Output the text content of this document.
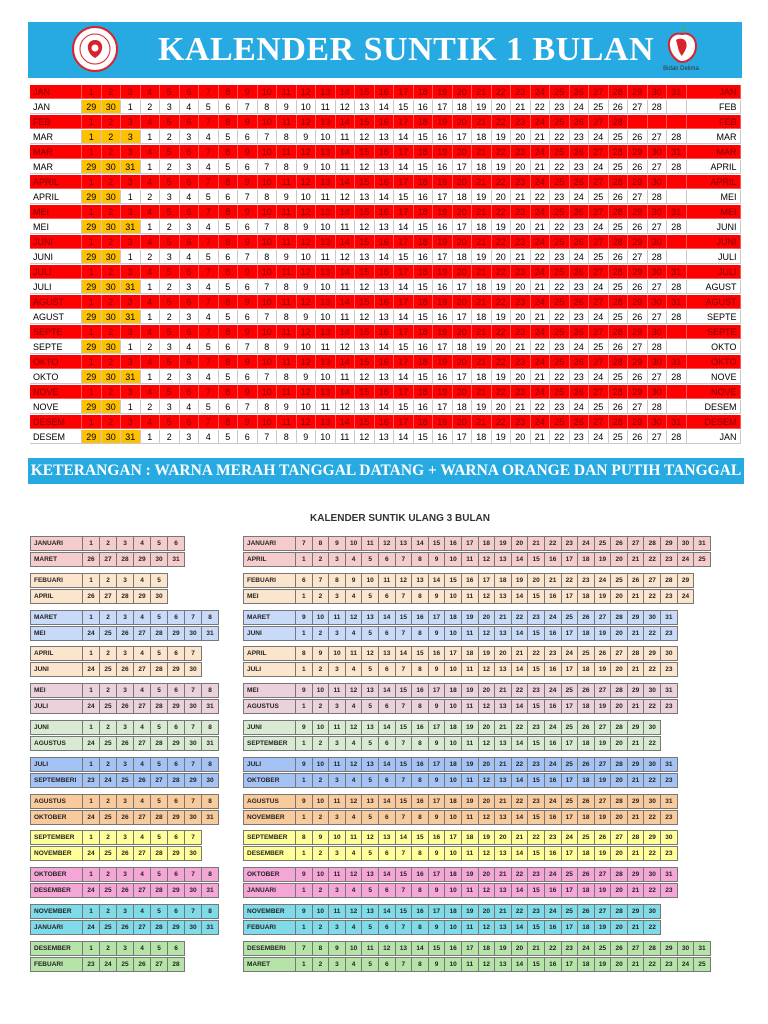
KALENDER SUNTIK 1 BULAN
Bidan Delima
JAN	1	2	3	4	5	6	7	8	9	10	11	12	13	14	15	16	17	18	19	20	21	22	23	24	25	26	27	28	29	30	31	JAN
JAN	29	30	1	2	3	4	5	6	7	8	9	10	11	12	13	14	15	16	17	18	19	20	21	22	23	24	25	26	27	28	FEB
FEB	1	2	3	4	5	6	7	8	9	10	11	12	13	14	15	16	17	18	19	20	21	22	23	24	25	26	27	28	FEB
MAR	1	2	3	1	2	3	4	5	6	7	8	9	10	11	12	13	14	15	16	17	18	19	20	21	22	23	24	25	26	27	28	MAR
MAR	1	2	3	4	5	6	7	8	9	10	11	12	13	14	15	16	17	18	19	20	21	22	23	24	25	26	27	28	29	30	31	MAR
MAR	29	30	31	1	2	3	4	5	6	7	8	9	10	11	12	13	14	15	16	17	18	19	20	21	22	23	24	25	26	27	28	APRIL
APRIL	1	2	3	4	5	6	7	8	9	10	11	12	13	14	15	16	17	18	19	20	21	22	23	24	25	26	27	28	29	30	APRIL
APRIL	29	30	1	2	3	4	5	6	7	8	9	10	11	12	13	14	15	16	17	18	19	20	21	22	23	24	25	26	27	28	MEI
MEI	1	2	3	4	5	6	7	8	9	10	11	12	13	14	15	16	17	18	19	20	21	22	23	24	25	26	27	28	29	30	31	MEI
MEI	29	30	31	1	2	3	4	5	6	7	8	9	10	11	12	13	14	15	16	17	18	19	20	21	22	23	24	25	26	27	28	JUNI
JUNI	1	2	3	4	5	6	7	8	9	10	11	12	13	14	15	16	17	18	19	20	21	22	23	24	25	26	27	28	29	30	JUNI
JUNI	29	30	1	2	3	4	5	6	7	8	9	10	11	12	13	14	15	16	17	18	19	20	21	22	23	24	25	26	27	28	JULI
JULI	1	2	3	4	5	6	7	8	9	10	11	12	13	14	15	16	17	18	19	20	21	22	23	24	25	26	27	28	29	30	31	JULI
JULI	29	30	31	1	2	3	4	5	6	7	8	9	10	11	12	13	14	15	16	17	18	19	20	21	22	23	24	25	26	27	28	AGUST
AGUST	1	2	3	4	5	6	7	8	9	10	11	12	13	14	15	16	17	18	19	20	21	22	23	24	25	26	27	28	29	30	31	AGUST
AGUST	29	30	31	1	2	3	4	5	6	7	8	9	10	11	12	13	14	15	16	17	18	19	20	21	22	23	24	25	26	27	28	SEPTE
SEPTE	1	2	3	4	5	6	7	8	9	10	11	12	13	14	15	16	17	18	19	20	21	22	23	24	25	26	27	28	29	30	SEPTE
SEPTE	29	30	1	2	3	4	5	6	7	8	9	10	11	12	13	14	15	16	17	18	19	20	21	22	23	24	25	26	27	28	OKTO
OKTO	1	2	3	4	5	6	7	8	9	10	11	12	13	14	15	16	17	18	19	20	21	22	23	24	25	26	27	28	29	30	31	OKTO
OKTO	29	30	31	1	2	3	4	5	6	7	8	9	10	11	12	13	14	15	16	17	18	19	20	21	22	23	24	25	26	27	28	NOVE
NOVE	1	2	3	4	5	6	7	8	9	10	11	12	13	14	15	16	17	18	19	20	21	22	23	24	25	26	27	28	29	30	NOVE
NOVE	29	30	1	2	3	4	5	6	7	8	9	10	11	12	13	14	15	16	17	18	19	20	21	22	23	24	25	26	27	28	DESEM
DESEM	1	2	3	4	5	6	7	8	9	10	11	12	13	14	15	16	17	18	19	20	21	22	23	24	25	26	27	28	29	30	31	DESEM
DESEM	29	30	31	1	2	3	4	5	6	7	8	9	10	11	12	13	14	15	16	17	18	19	20	21	22	23	24	25	26	27	28	JAN
KETERANGAN : WARNA MERAH TANGGAL DATANG + WARNA ORANGE DAN PUTIH TANGGAL KEMBALI
KALENDER SUNTIK ULANG 3 BULAN
JANUARI	1	2	3	4	5	6
MARET	26	27	28	29	30	31
FEBUARI	1	2	3	4	5
APRIL	26	27	28	29	30
MARET	1	2	3	4	5	6	7	8
MEI	24	25	26	27	28	29	30	31
APRIL	1	2	3	4	5	6	7
JUNI	24	25	26	27	28	29	30
MEI	1	2	3	4	5	6	7	8
JULI	24	25	26	27	28	29	30	31
JUNI	1	2	3	4	5	6	7	8
AGUSTUS	24	25	26	27	28	29	30	31
JULI	1	2	3	4	5	6	7	8
SEPTEMBERI	23	24	25	26	27	28	29	30
AGUSTUS	1	2	3	4	5	6	7	8
OKTOBER	24	25	26	27	28	29	30	31
SEPTEMBER	1	2	3	4	5	6	7
NOVEMBER	24	25	26	27	28	29	30
OKTOBER	1	2	3	4	5	6	7	8
DESEMBER	24	25	26	27	28	29	30	31
NOVEMBER	1	2	3	4	5	6	7	8
JANUARI	24	25	26	27	28	29	30	31
DESEMBER	1	2	3	4	5	6
FEBUARI	23	24	25	26	27	28
JANUARI	7	8	9	10	11	12	13	14	15	16	17	18	19	20	21	22	23	24	25	26	27	28	29	30	31
APRIL	1	2	3	4	5	6	7	8	9	10	11	12	13	14	15	16	17	18	19	20	21	22	23	24	25
FEBUARI	6	7	8	9	10	11	12	13	14	15	16	17	18	19	20	21	22	23	24	25	26	27	28	29
MEI	1	2	3	4	5	6	7	8	9	10	11	12	13	14	15	16	17	18	19	20	21	22	23	24
MARET	9	10	11	12	13	14	15	16	17	18	19	20	21	22	23	24	25	26	27	28	29	30	31
JUNI	1	2	3	4	5	6	7	8	9	10	11	12	13	14	15	16	17	18	19	20	21	22	23
APRIL	8	9	10	11	12	13	14	15	16	17	18	19	20	21	22	23	24	25	26	27	28	29	30
JULI	1	2	3	4	5	6	7	8	9	10	11	12	13	14	15	16	17	18	19	20	21	22	23
MEI	9	10	11	12	13	14	15	16	17	18	19	20	21	22	23	24	25	26	27	28	29	30	31
AGUSTUS	1	2	3	4	5	6	7	8	9	10	11	12	13	14	15	16	17	18	19	20	21	22	23
JUNI	9	10	11	12	13	14	15	16	17	18	19	20	21	22	23	24	25	26	27	28	29	30
SEPTEMBER	1	2	3	4	5	6	7	8	9	10	11	12	13	14	15	16	17	18	19	20	21	22
JULI	9	10	11	12	13	14	15	16	17	18	19	20	21	22	23	24	25	26	27	28	29	30	31
OKTOBER	1	2	3	4	5	6	7	8	9	10	11	12	13	14	15	16	17	18	19	20	21	22	23
AGUSTUS	9	10	11	12	13	14	15	16	17	18	19	20	21	22	23	24	25	26	27	28	29	30	31
NOVEMBER	1	2	3	4	5	6	7	8	9	10	11	12	13	14	15	16	17	18	19	20	21	22	23
SEPTEMBER	8	9	10	11	12	13	14	15	16	17	18	19	20	21	22	23	24	25	26	27	28	29	30
DESEMBER	1	2	3	4	5	6	7	8	9	10	11	12	13	14	15	16	17	18	19	20	21	22	23
OKTOBER	9	10	11	12	13	14	15	16	17	18	19	20	21	22	23	24	25	26	27	28	29	30	31
JANUARI	1	2	3	4	5	6	7	8	9	10	11	12	13	14	15	16	17	18	19	20	21	22	23
NOVEMBER	9	10	11	12	13	14	15	16	17	18	19	20	21	22	23	24	25	26	27	28	29	30
FEBUARI	1	2	3	4	5	6	7	8	9	10	11	12	13	14	15	16	17	18	19	20	21	22
DESEMBERI	7	8	9	10	11	12	13	14	15	16	17	18	19	20	21	22	23	24	25	26	27	28	29	30	31
MARET	1	2	3	4	5	6	7	8	9	10	11	12	13	14	15	16	17	18	19	20	21	22	23	24	25
